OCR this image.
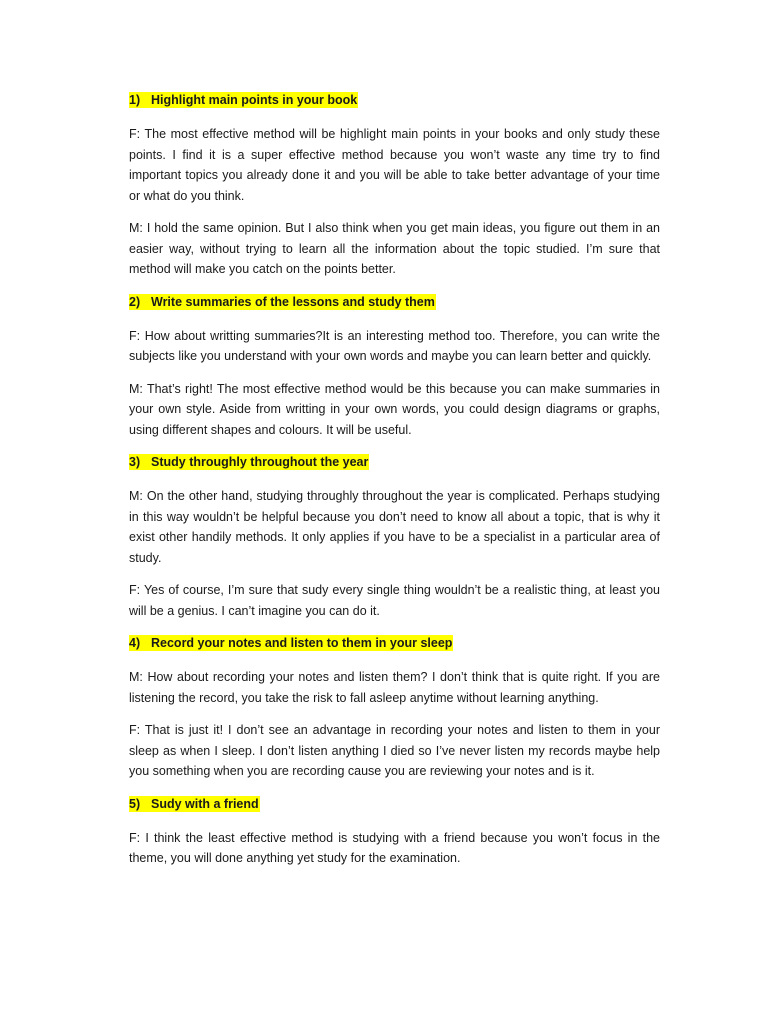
1) Highlight main points in your book

F: The most effective method will be highlight main points in your books and only study these points. I find it is a super effective method because you won’t waste any time try to find important topics you already done it and you will be able to take better advantage of your time or what do you think.

M: I hold the same opinion. But I also think when you get main ideas, you figure out them in an easier way, without trying to learn all the information about the topic studied. I’m sure that method will make you catch on the points better.

2) Write summaries of the lessons and study them

F: How about writting summaries?It is an interesting method too. Therefore, you can write the subjects like you understand with your own words and maybe you can learn better and quickly.

M: That’s right! The most effective method would be this because you can make summaries in your own style. Aside from writting in your own words, you could design diagrams or graphs, using different shapes and colours. It will be useful.

3) Study throughly throughout the year

M: On the other hand, studying throughly throughout the year is complicated. Perhaps studying in this way wouldn’t be helpful because you don’t need to know all about a topic, that is why it exist other handily methods. It only applies if you have to be a specialist in a particular area of study.

F: Yes of course, I’m sure that sudy every single thing wouldn’t be a realistic thing, at least you will be a genius. I can’t imagine you can do it.

4) Record your notes and listen to them in your sleep

M: How about recording your notes and listen them? I don’t think that is quite right. If you are listening the record, you take the risk to fall asleep anytime without learning anything.

F: That is just it! I don’t see an advantage in recording your notes and listen to them in your sleep as when I sleep. I don’t listen anything I died so I’ve never listen my records maybe help you something when you are recording cause you are reviewing your notes and is it.

5) Sudy with a friend

F: I think the least effective method is studying with a friend because you won’t focus in the theme, you will done anything yet study for the examination.
